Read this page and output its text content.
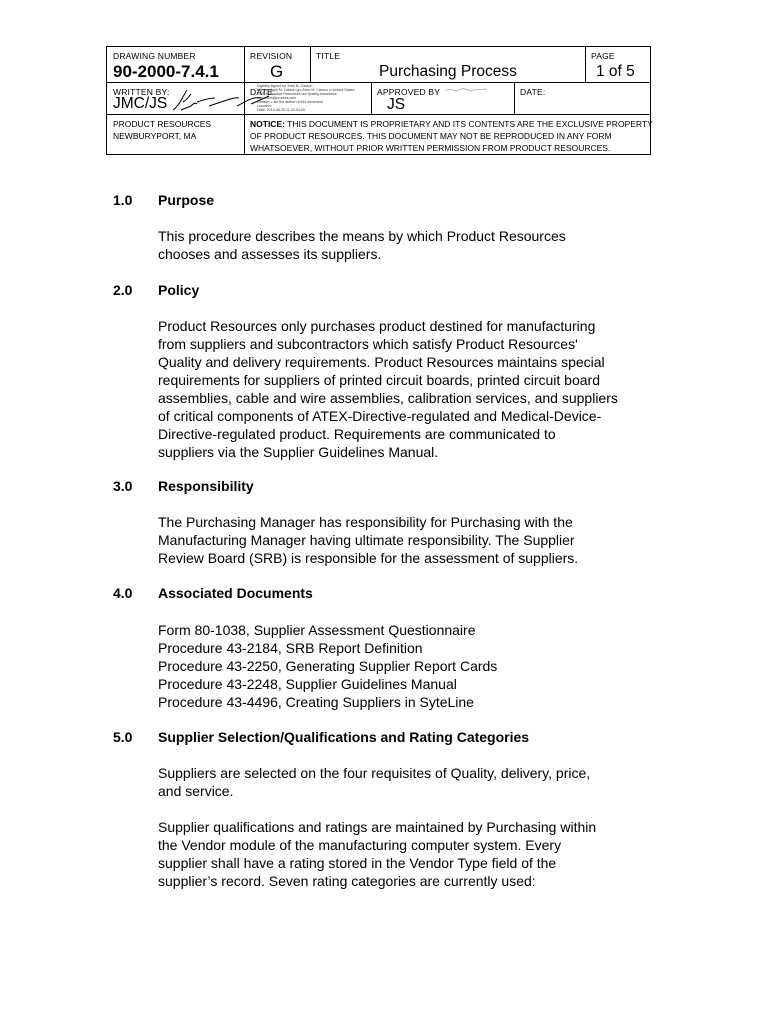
DRAWING NUMBER
90-2000-7.4.1
REVISION
G
TITLE
Purchasing Process
PAGE
1 of 5
WRITTEN BY:
JMC/JS
DATE:
Digitally signed by John M. Carson
DN: cn=John M. Carson gn=John M. Carson c=United States
l=US o=Product Resources ou=Quality Assurance
e=jcarson@prodres.com
Reason: I am the author of this document
Location:
Date: 2014-08-29 11:43-04:00
APPROVED BY
JS
DATE:
PRODUCT RESOURCES
NEWBURYPORT, MA
NOTICE: THIS DOCUMENT IS PROPRIETARY AND ITS CONTENTS ARE THE EXCLUSIVE PROPERTY
OF PRODUCT RESOURCES. THIS DOCUMENT MAY NOT BE REPRODUCED IN ANY FORM
WHATSOEVER, WITHOUT PRIOR WRITTEN PERMISSION FROM PRODUCT RESOURCES.
1.0 Purpose
This procedure describes the means by which Product Resources
chooses and assesses its suppliers.
2.0 Policy
Product Resources only purchases product destined for manufacturing
from suppliers and subcontractors which satisfy Product Resources'
Quality and delivery requirements. Product Resources maintains special
requirements for suppliers of printed circuit boards, printed circuit board
assemblies, cable and wire assemblies, calibration services, and suppliers
of critical components of ATEX-Directive-regulated and Medical-Device-
Directive-regulated product. Requirements are communicated to
suppliers via the Supplier Guidelines Manual.
3.0 Responsibility
The Purchasing Manager has responsibility for Purchasing with the
Manufacturing Manager having ultimate responsibility. The Supplier
Review Board (SRB) is responsible for the assessment of suppliers.
4.0 Associated Documents
Form 80-1038, Supplier Assessment Questionnaire
Procedure 43-2184, SRB Report Definition
Procedure 43-2250, Generating Supplier Report Cards
Procedure 43-2248, Supplier Guidelines Manual
Procedure 43-4496, Creating Suppliers in SyteLine
5.0 Supplier Selection/Qualifications and Rating Categories
Suppliers are selected on the four requisites of Quality, delivery, price,
and service.
Supplier qualifications and ratings are maintained by Purchasing within
the Vendor module of the manufacturing computer system. Every
supplier shall have a rating stored in the Vendor Type field of the
supplier’s record. Seven rating categories are currently used:
